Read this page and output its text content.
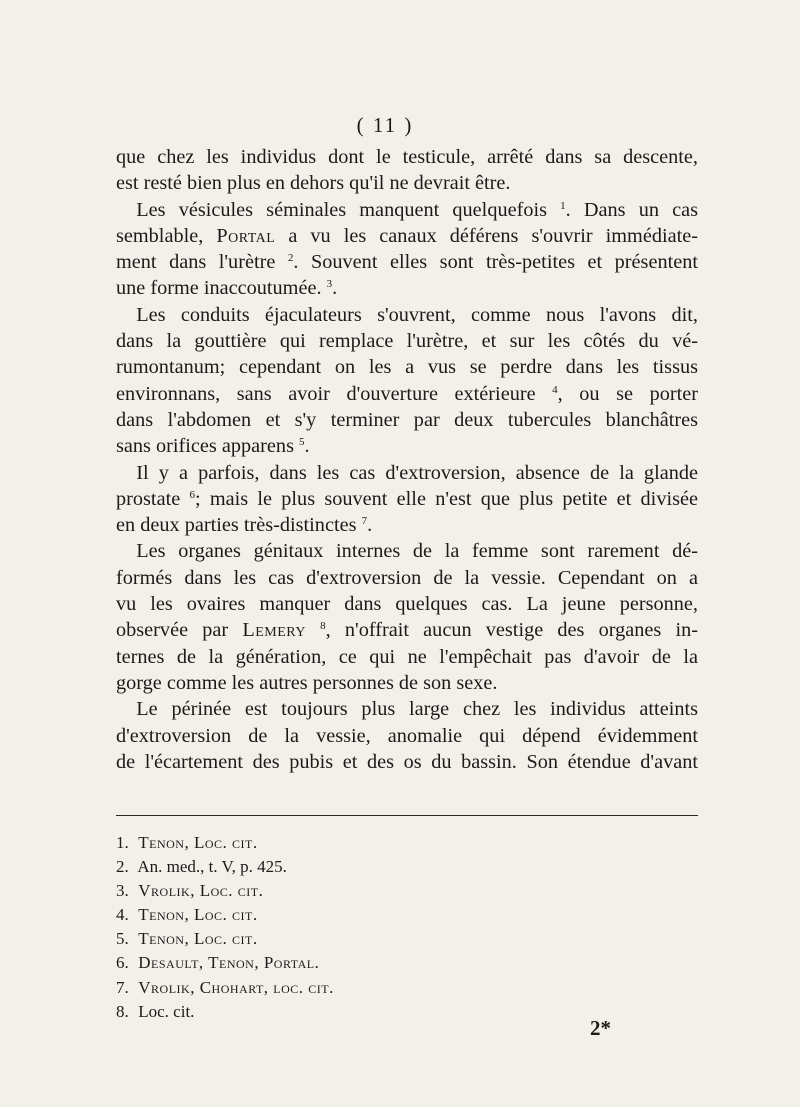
( 11 )
que chez les individus dont le testicule, arrêté dans sa descente,
est resté bien plus en dehors qu'il ne devrait être.
 Les vésicules séminales manquent quelquefois $^1$. Dans un cas
semblable, Portal a vu les canaux déférens s'ouvrir immédiate-
ment dans l'urètre $^2$. Souvent elles sont très-petites et présentent
une forme inaccoutumée. $^3$.
 Les conduits éjaculateurs s'ouvrent, comme nous l'avons dit,
dans la gouttière qui remplace l'urètre, et sur les côtés du vé-
rumontanum; cependant on les a vus se perdre dans les tissus
environnans, sans avoir d'ouverture extérieure $^4$, ou se porter
dans l'abdomen et s'y terminer par deux tubercules blanchâtres
sans orifices apparens $^5$.
 Il y a parfois, dans les cas d'extroversion, absence de la glande
prostate $^6$; mais le plus souvent elle n'est que plus petite et divisée
en deux parties très-distinctes $^7$.
 Les organes génitaux internes de la femme sont rarement dé-
formés dans les cas d'extroversion de la vessie. Cependant on a
vu les ovaires manquer dans quelques cas. La jeune personne,
observée par Lemery $^8$, n'offrait aucun vestige des organes in-
ternes de la génération, ce qui ne l'empêchait pas d'avoir de la
gorge comme les autres personnes de son sexe.
 Le périnée est toujours plus large chez les individus atteints
d'extroversion de la vessie, anomalie qui dépend évidemment
de l'écartement des pubis et des os du bassin. Son étendue d'avant
1. Tenon, Loc. cit.
2. An. med., t. V, p. 425.
3. Vrolik, Loc. cit.
4. Tenon, Loc. cit.
5. Tenon, Loc. cit.
6. Desault, Tenon, Portal.
7. Vrolik, Chohart, loc. cit.
8. Loc. cit.
2*
